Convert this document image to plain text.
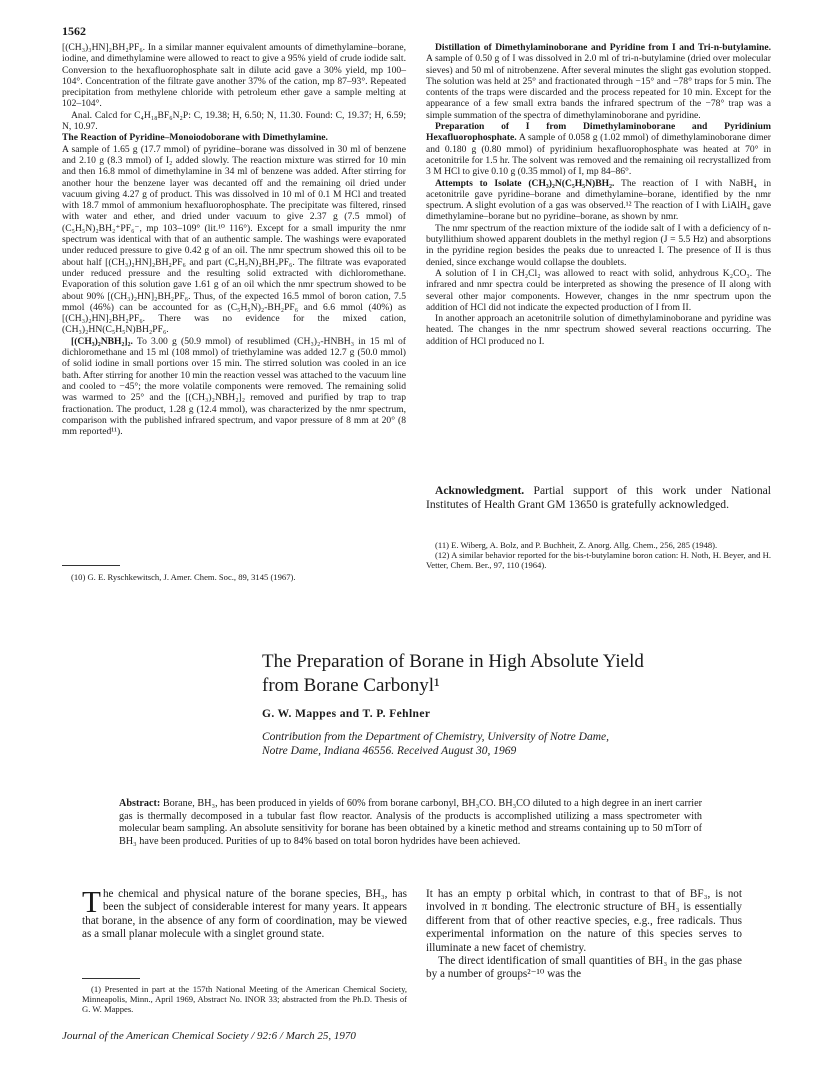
1562

[(CH₃)₃HN]₂BH₂PF₆. In a similar manner equivalent amounts of dimethylamine–borane, iodine, and dimethylamine were allowed to react to give a 95% yield of crude iodide salt. Conversion to the hexafluorophosphate salt in dilute acid gave a 30% yield, mp 100–104°. Concentration of the filtrate gave another 37% of the cation, mp 87–93°. Repeated precipitation from methylene chloride with petroleum ether gave a sample melting at 102–104°.

Anal. Calcd for C₄H₁₈BF₆N₂P: C, 19.38; H, 6.50; N, 11.30. Found: C, 19.37; H, 6.59; N, 10.97.

The Reaction of Pyridine–Monoiodoborane with Dimethylamine.

A sample of 1.65 g (17.7 mmol) of pyridine–borane was dissolved in 30 ml of benzene and 2.10 g (8.3 mmol) of I₂ added slowly. The reaction mixture was stirred for 10 min and then 16.8 mmol of dimethylamine in 34 ml of benzene was added. After stirring for another hour the benzene layer was decanted off and the remaining oil dried under vacuum giving 4.27 g of product. This was dissolved in 10 ml of 0.1 M HCl and treated with 18.7 mmol of ammonium hexafluorophosphate. The precipitate was filtered, rinsed with water and ether, and dried under vacuum to give 2.37 g (7.5 mmol) of (C₅H₅N)₂BH₂⁺PF₆⁻, mp 103–109° (lit.¹⁰ 116°). Except for a small impurity the nmr spectrum was identical with that of an authentic sample. The washings were evaporated under reduced pressure to give 0.42 g of an oil. The nmr spectrum showed this oil to be about half [(CH₃)₂HN]₂BH₂PF₆ and part (C₅H₅N)₂BH₂PF₆. The filtrate was evaporated under reduced pressure and the resulting solid extracted with dichloromethane. Evaporation of this solution gave 1.61 g of an oil which the nmr spectrum showed to be about 90% [(CH₃)₂HN]₂BH₂PF₆. Thus, of the expected 16.5 mmol of boron cation, 7.5 mmol (46%) can be accounted for as (C₅H₅N)₂-BH₂PF₆ and 6.6 mmol (40%) as [(CH₃)₂HN]₂BH₂PF₆. There was no evidence for the mixed cation, (CH₃)₂HN(C₅H₅N)BH₂PF₆.

[(CH₃)₂NBH₂]₂. To 3.00 g (50.9 mmol) of resublimed (CH₃)₂-HNBH₃ in 15 ml of dichloromethane and 15 ml (108 mmol) of triethylamine was added 12.7 g (50.0 mmol) of solid iodine in small portions over 15 min. The stirred solution was cooled in an ice bath. After stirring for another 10 min the reaction vessel was attached to the vacuum line and cooled to −45°; the more volatile components were removed. The remaining solid was warmed to 25° and the [(CH₃)₂NBH₂]₂ removed and purified by trap to trap fractionation. The product, 1.28 g (12.4 mmol), was characterized by the nmr spectrum, comparison with the published infrared spectrum, and vapor pressure of 8 mm at 20° (8 mm reported¹¹).

(10) G. E. Ryschkewitsch, J. Amer. Chem. Soc., 89, 3145 (1967).

Distillation of Dimethylaminoborane and Pyridine from I and Tri-n-butylamine. A sample of 0.50 g of I was dissolved in 2.0 ml of tri-n-butylamine (dried over molecular sieves) and 50 ml of nitrobenzene. After several minutes the slight gas evolution stopped. The solution was held at 25° and fractionated through −15° and −78° traps for 5 min. The contents of the traps were discarded and the process repeated for 10 min. Except for the appearance of a few small extra bands the infrared spectrum of the −78° trap was a simple summation of the spectra of dimethylaminoborane and pyridine.

Preparation of I from Dimethylaminoborane and Pyridinium Hexafluorophosphate. A sample of 0.058 g (1.02 mmol) of dimethylaminoborane dimer and 0.180 g (0.80 mmol) of pyridinium hexafluorophosphate was heated at 70° in acetonitrile for 1.5 hr. The solvent was removed and the remaining oil recrystallized from 3 M HCl to give 0.10 g (0.35 mmol) of I, mp 84–86°.

Attempts to Isolate (CH₃)₂N(C₅H₅N)BH₂. The reaction of I with NaBH₄ in acetonitrile gave pyridine–borane and dimethylamine–borane, identified by the nmr spectrum. A slight evolution of a gas was observed.¹² The reaction of I with LiAlH₄ gave dimethylamine–borane but no pyridine–borane, as shown by nmr.

The nmr spectrum of the reaction mixture of the iodide salt of I with a deficiency of n-butyllithium showed apparent doublets in the methyl region (J = 5.5 Hz) and absorptions in the pyridine region besides the peaks due to unreacted I. The presence of II is thus denied, since exchange would collapse the doublets.

A solution of I in CH₂Cl₂ was allowed to react with solid, anhydrous K₂CO₃. The infrared and nmr spectra could be interpreted as showing the presence of II along with several other major components. However, changes in the nmr spectrum upon the addition of HCl did not indicate the expected production of I from II.

In another approach an acetonitrile solution of dimethylaminoborane and pyridine was heated. The changes in the nmr spectrum showed several reactions occurring. The addition of HCl produced no I.

Acknowledgment. Partial support of this work under National Institutes of Health Grant GM 13650 is gratefully acknowledged.

(11) E. Wiberg, A. Bolz, and P. Buchheit, Z. Anorg. Allg. Chem., 256, 285 (1948).

(12) A similar behavior reported for the bis-t-butylamine boron cation: H. Noth, H. Beyer, and H. Vetter, Chem. Ber., 97, 110 (1964).

The Preparation of Borane in High Absolute Yield
from Borane Carbonyl¹
G. W. Mappes and T. P. Fehlner
Contribution from the Department of Chemistry, University of Notre Dame,
Notre Dame, Indiana 46556. Received August 30, 1969
Abstract: Borane, BH₃, has been produced in yields of 60% from borane carbonyl, BH₃CO. BH₃CO diluted to a high degree in an inert carrier gas is thermally decomposed in a tubular fast flow reactor. Analysis of the products is accomplished utilizing a mass spectrometer with molecular beam sampling. An absolute sensitivity for borane has been obtained by a kinetic method and streams containing up to 50 mTorr of BH₃ have been produced. Purities of up to 84% based on total boron hydrides have been achieved.

The chemical and physical nature of the borane species, BH₃, has been the subject of considerable interest for many years. It appears that borane, in the absence of any form of coordination, may be viewed as a small planar molecule with a singlet ground state.

(1) Presented in part at the 157th National Meeting of the American Chemical Society, Minneapolis, Minn., April 1969, Abstract No. INOR 33; abstracted from the Ph.D. Thesis of G. W. Mappes.

It has an empty p orbital which, in contrast to that of BF₃, is not involved in π bonding. The electronic structure of BH₃ is essentially different from that of other reactive species, e.g., free radicals. Thus experimental information on the nature of this species serves to illuminate a new facet of chemistry.

The direct identification of small quantities of BH₃ in the gas phase by a number of groups²⁻¹⁰ was the

Journal of the American Chemical Society / 92:6 / March 25, 1970
